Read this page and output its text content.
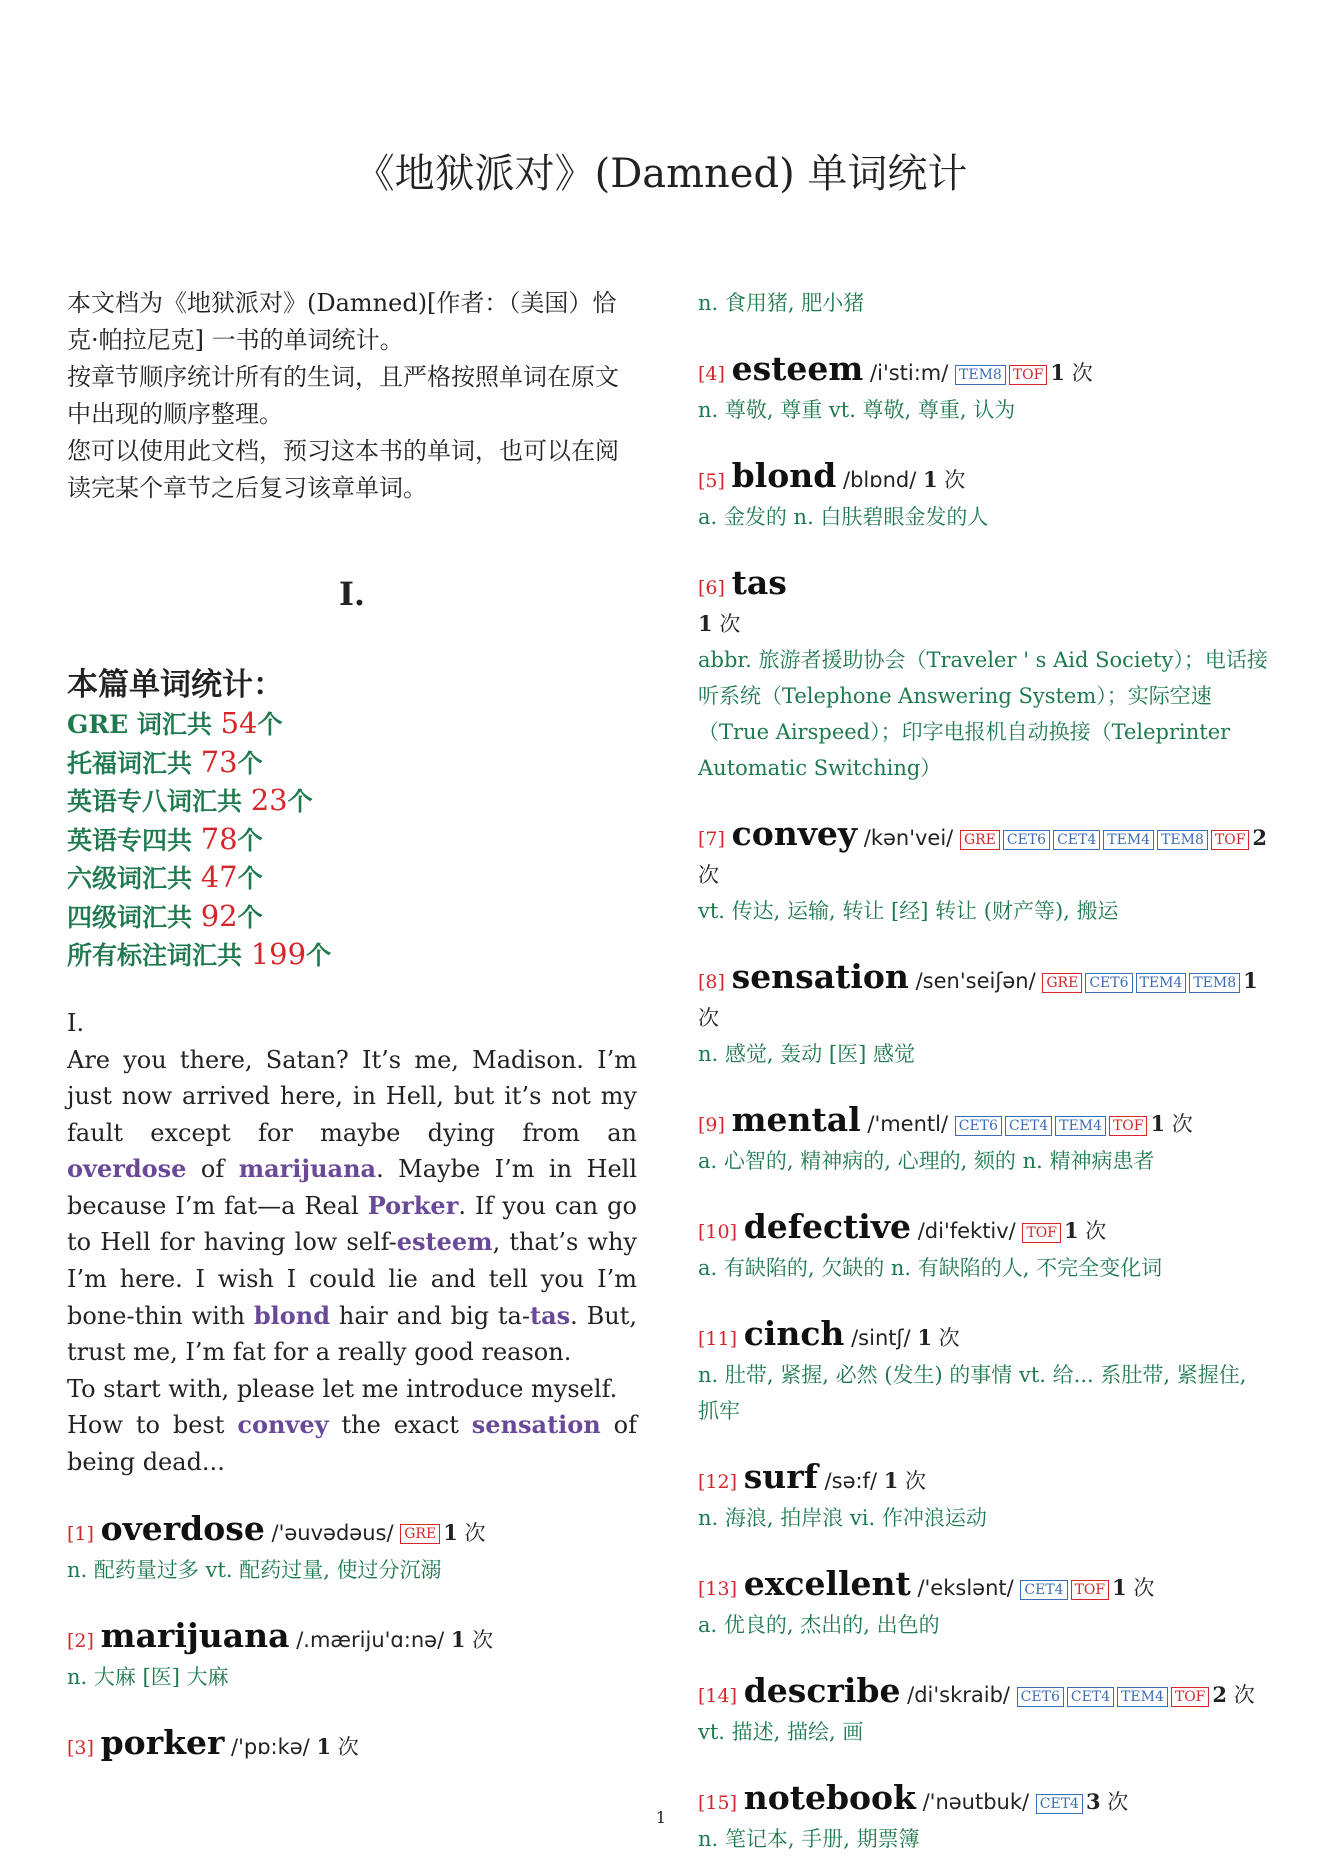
《地狱派对》(Damned) 单词统计

本文档为《地狱派对》(Damned)[作者：（美国）恰克·帕拉尼克] 一书的单词统计。

按章节顺序统计所有的生词，且严格按照单词在原文中出现的顺序整理。

您可以使用此文档，预习这本书的单词，也可以在阅读完某个章节之后复习该章单词。

I.
本篇单词统计：
GRE 词汇共 54个
托福词汇共 73个
英语专八词汇共 23个
英语专四共 78个
六级词汇共 47个
四级词汇共 92个
所有标注词汇共 199个
I.

Are you there, Satan? It’s me, Madison. I’m just now arrived here, in Hell, but it’s not my fault except for maybe dying from an overdose of marijuana. Maybe I’m in Hell because I’m fat—a Real Porker. If you can go to Hell for having low self-esteem, that’s why I’m here. I wish I could lie and tell you I’m bone-thin with blond hair and big ta-tas. But, trust me, I’m fat for a really good reason.

To start with, please let me introduce myself.

How to best convey the exact sensation of being dead...

[1] overdose /'əuvədəus/ GRE 1 次
n. 配药量过多 vt. 配药过量, 使过分沉溺
[2] marijuana /.mæriju'ɑ:nə/ 1 次
n. 大麻 [医] 大麻
[3] porker /'pɒ:kə/ 1 次
n. 食用猪, 肥小猪
[4] esteem /i'sti:m/ TEM8 TOF 1 次
n. 尊敬, 尊重 vt. 尊敬, 尊重, 认为
[5] blond /blɒnd/ 1 次
a. 金发的 n. 白肤碧眼金发的人
[6] tas
1 次
abbr. 旅游者援助协会（Traveler ' s Aid Society）；电话接听系统（Telephone Answering System）；实际空速（True Airspeed）；印字电报机自动换接（Teleprinter Automatic Switching）
[7] convey /kən'vei/ GRE CET6 CET4 TEM4 TEM8 TOF 2 次
vt. 传达, 运输, 转让 [经] 转让 (财产等), 搬运
[8] sensation /sen'seiʃən/ GRE CET6 TEM4 TEM8 1 次
n. 感觉, 轰动 [医] 感觉
[9] mental /'mentl/ CET6 CET4 TEM4 TOF 1 次
a. 心智的, 精神病的, 心理的, 颏的 n. 精神病患者
[10] defective /di'fektiv/ TOF 1 次
a. 有缺陷的, 欠缺的 n. 有缺陷的人, 不完全变化词
[11] cinch /sintʃ/ 1 次
n. 肚带, 紧握, 必然 (发生) 的事情 vt. 给... 系肚带, 紧握住, 抓牢
[12] surf /sə:f/ 1 次
n. 海浪, 拍岸浪 vi. 作冲浪运动
[13] excellent /'ekslənt/ CET4 TOF 1 次
a. 优良的, 杰出的, 出色的
[14] describe /di'skraib/ CET6 CET4 TEM4 TOF 2 次
vt. 描述, 描绘, 画
[15] notebook /'nəutbuk/ CET4 3 次
n. 笔记本, 手册, 期票簿
1
